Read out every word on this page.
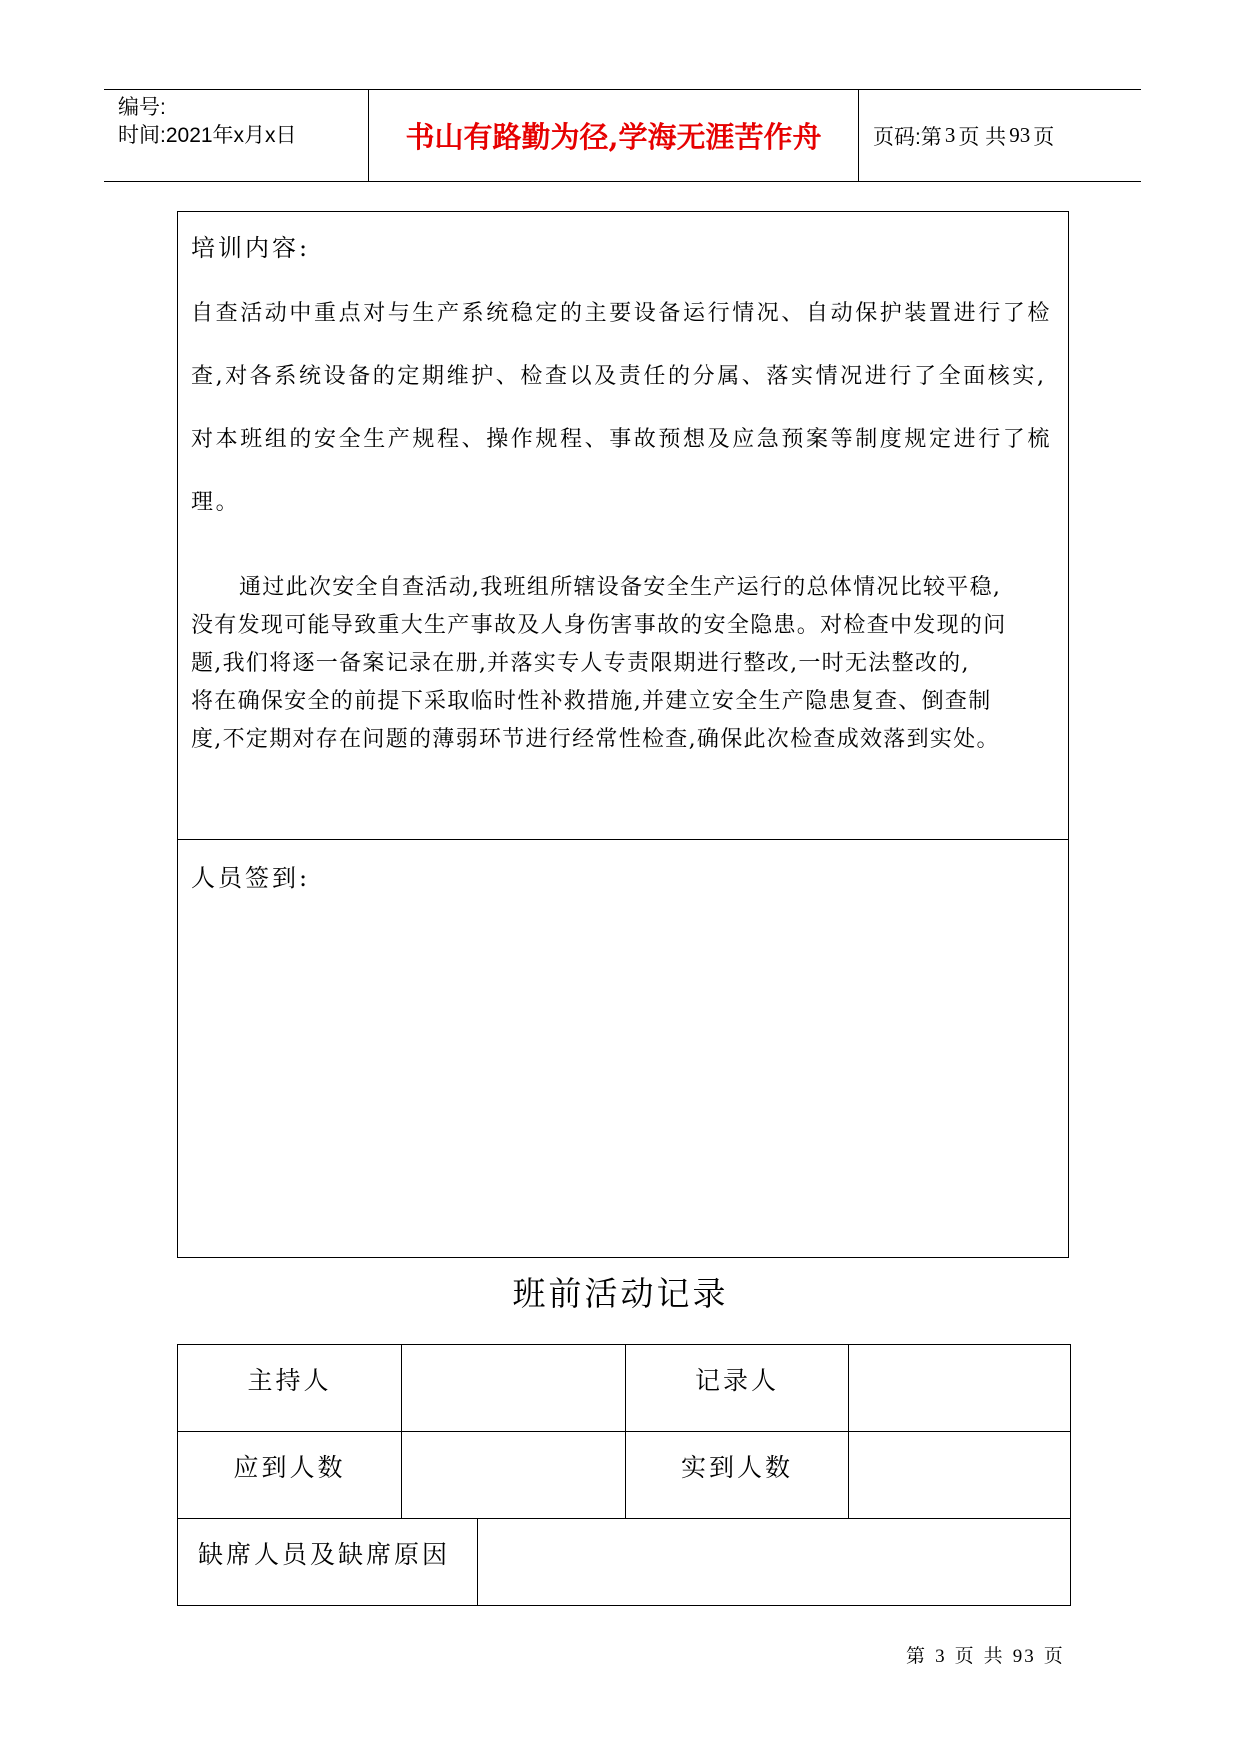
编号:
时间:2021年x月x日	书山有路勤为径,学海无涯苦作舟	页码:第 3 页 共 93 页
培训内容:
自查活动中重点对与生产系统稳定的主要设备运行情况、自动保护装置进行了检
查,对各系统设备的定期维护、检查以及责任的分属、落实情况进行了全面核实,
对本班组的安全生产规程、操作规程、事故预想及应急预案等制度规定进行了梳
理。
通过此次安全自查活动,我班组所辖设备安全生产运行的总体情况比较平稳,
没有发现可能导致重大生产事故及人身伤害事故的安全隐患。对检查中发现的问
题,我们将逐一备案记录在册,并落实专人专责限期进行整改,一时无法整改的,
将在确保安全的前提下采取临时性补救措施,并建立安全生产隐患复查、倒查制
度,不定期对存在问题的薄弱环节进行经常性检查,确保此次检查成效落到实处。
人员签到:
班前活动记录
主持人			记录人	
应到人数			实到人数	
缺席人员及缺席原因				
第 3 页 共 93 页
